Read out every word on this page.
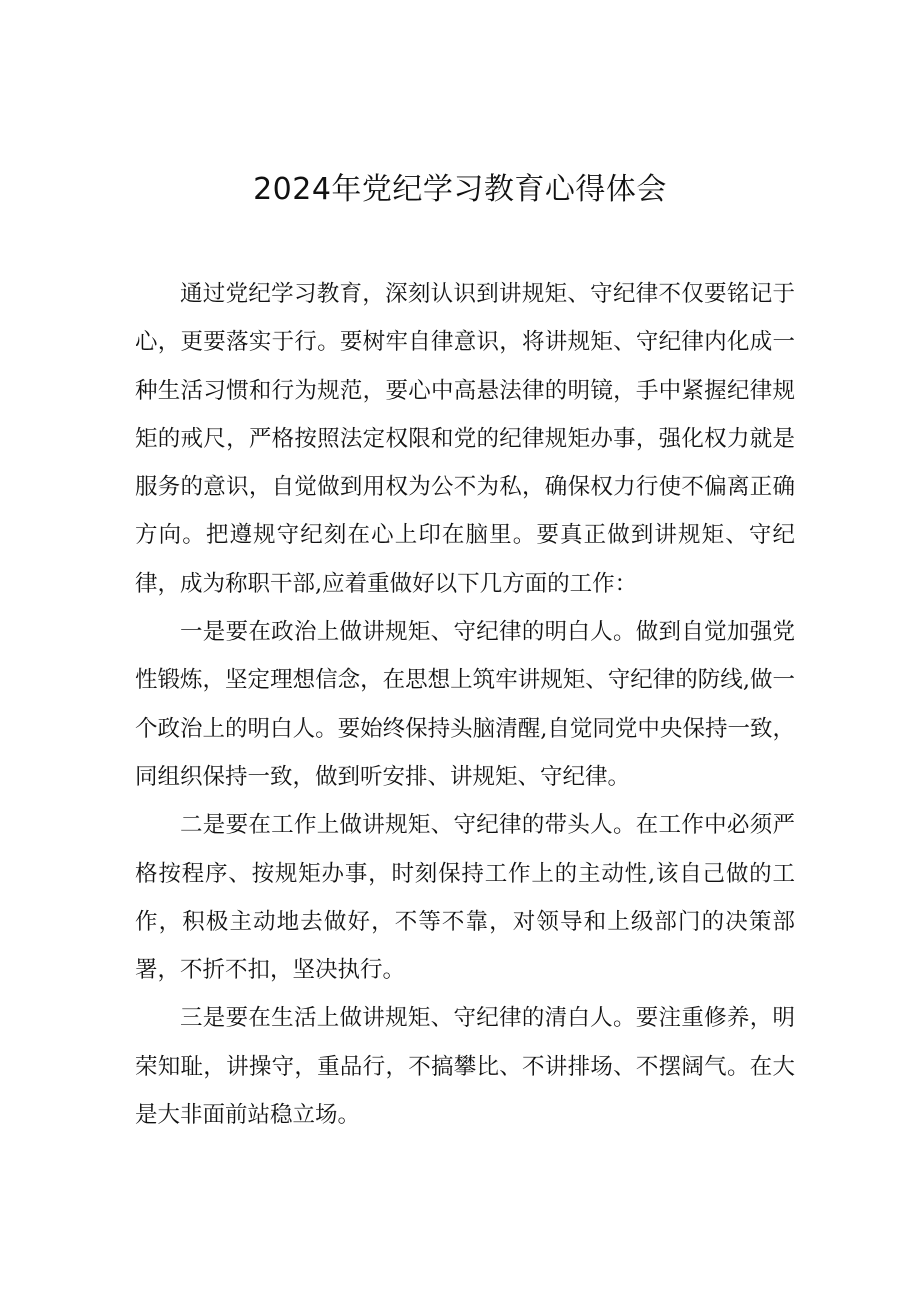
2024年党纪学习教育心得体会

通过党纪学习教育，深刻认识到讲规矩、守纪律不仅要铭记于心，更要落实于行。要树牢自律意识，将讲规矩、守纪律内化成一种生活习惯和行为规范，要心中高悬法律的明镜，手中紧握纪律规矩的戒尺，严格按照法定权限和党的纪律规矩办事，强化权力就是服务的意识，自觉做到用权为公不为私，确保权力行使不偏离正确方向。把遵规守纪刻在心上印在脑里。要真正做到讲规矩、守纪律，成为称职干部,应着重做好以下几方面的工作：

一是要在政治上做讲规矩、守纪律的明白人。做到自觉加强党性锻炼，坚定理想信念，在思想上筑牢讲规矩、守纪律的防线,做一个政治上的明白人。要始终保持头脑清醒,自觉同党中央保持一致，同组织保持一致，做到听安排、讲规矩、守纪律。

二是要在工作上做讲规矩、守纪律的带头人。在工作中必须严格按程序、按规矩办事，时刻保持工作上的主动性,该自己做的工作，积极主动地去做好，不等不靠，对领导和上级部门的决策部署，不折不扣，坚决执行。

三是要在生活上做讲规矩、守纪律的清白人。要注重修养，明荣知耻，讲操守，重品行，不搞攀比、不讲排场、不摆阔气。在大是大非面前站稳立场。
